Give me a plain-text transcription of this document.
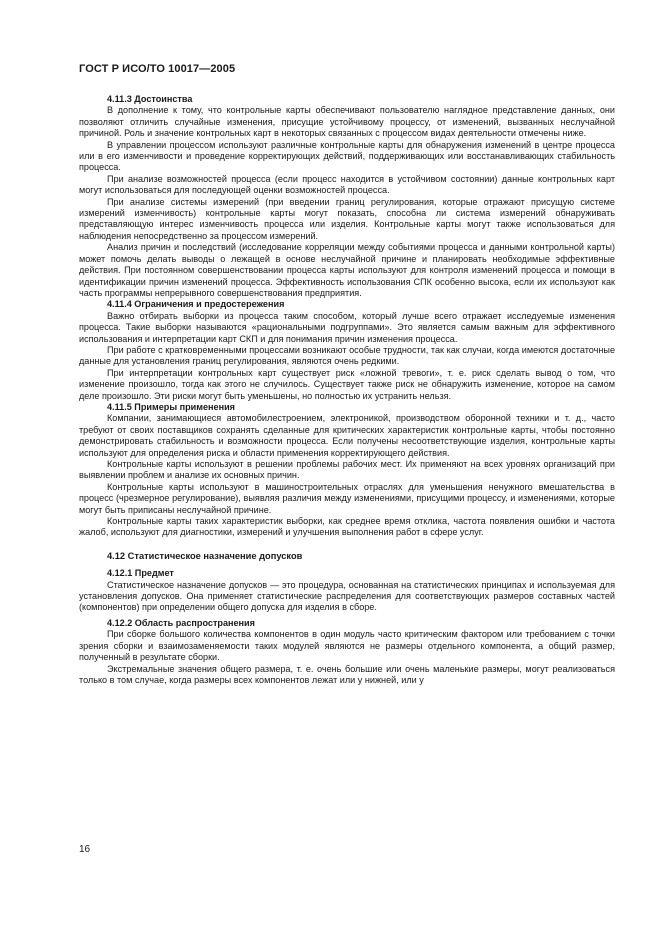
ГОСТ Р ИСО/ТО 10017—2005
4.11.3 Достоинства

В дополнение к тому, что контрольные карты обеспечивают пользователю наглядное представление данных, они позволяют отличить случайные изменения, присущие устойчивому процессу, от изменений, вызванных неслучайной причиной. Роль и значение контрольных карт в некоторых связанных с процессом видах деятельности отмечены ниже.

В управлении процессом используют различные контрольные карты для обнаружения изменений в центре процесса или в его изменчивости и проведение корректирующих действий, поддерживающих или восстанавливающих стабильность процесса.

При анализе возможностей процесса (если процесс находится в устойчивом состоянии) данные контрольных карт могут использоваться для последующей оценки возможностей процесса.

При анализе системы измерений (при введении границ регулирования, которые отражают присущую системе измерений изменчивость) контрольные карты могут показать, способна ли система измерений обнаруживать представляющую интерес изменчивость процесса или изделия. Контрольные карты могут также использоваться для наблюдения непосредственно за процессом измерений.

Анализ причин и последствий (исследование корреляции между событиями процесса и данными контрольной карты) может помочь делать выводы о лежащей в основе неслучайной причине и планировать необходимые эффективные действия. При постоянном совершенствовании процесса карты используют для контроля изменений процесса и помощи в идентификации причин изменений процесса. Эффективность использования СПК особенно высока, если их используют как часть программы непрерывного совершенствования предприятия.

4.11.4 Ограничения и предостережения

Важно отбирать выборки из процесса таким способом, который лучше всего отражает исследуемые изменения процесса. Такие выборки называются «рациональными подгруппами». Это является самым важным для эффективного использования и интерпретации карт СКП и для понимания причин изменения процесса.

При работе с кратковременными процессами возникают особые трудности, так как случаи, когда имеются достаточные данные для установления границ регулирования, являются очень редкими.

При интерпретации контрольных карт существует риск «ложной тревоги», т. е. риск сделать вывод о том, что изменение произошло, тогда как этого не случилось. Существует также риск не обнаружить изменение, которое на самом деле произошло. Эти риски могут быть уменьшены, но полностью их устранить нельзя.

4.11.5 Примеры применения

Компании, занимающиеся автомобилестроением, электроникой, производством оборонной техники и т. д., часто требуют от своих поставщиков сохранять сделанные для критических характеристик контрольные карты, чтобы постоянно демонстрировать стабильность и возможности процесса. Если получены несоответствующие изделия, контрольные карты используют для определения риска и области применения корректирующего действия.

Контрольные карты используют в решении проблемы рабочих мест. Их применяют на всех уровнях организаций при выявлении проблем и анализе их основных причин.

Контрольные карты используют в машиностроительных отраслях для уменьшения ненужного вмешательства в процесс (чрезмерное регулирование), выявляя различия между изменениями, присущими процессу, и изменениями, которые могут быть приписаны неслучайной причине.

Контрольные карты таких характеристик выборки, как среднее время отклика, частота появления ошибки и частота жалоб, используют для диагностики, измерений и улучшения выполнения работ в сфере услуг.

4.12 Статистическое назначение допусков
4.12.1 Предмет

Статистическое назначение допусков — это процедура, основанная на статистических принципах и используемая для установления допусков. Она применяет статистические распределения для соответствующих размеров составных частей (компонентов) при определении общего допуска для изделия в сборе.

4.12.2 Область распространения

При сборке большого количества компонентов в один модуль часто критическим фактором или требованием с точки зрения сборки и взаимозаменяемости таких модулей являются не размеры отдельного компонента, а общий размер, полученный в результате сборки.

Экстремальные значения общего размера, т. е. очень большие или очень маленькие размеры, могут реализоваться только в том случае, когда размеры всех компонентов лежат или у нижней, или у

16
